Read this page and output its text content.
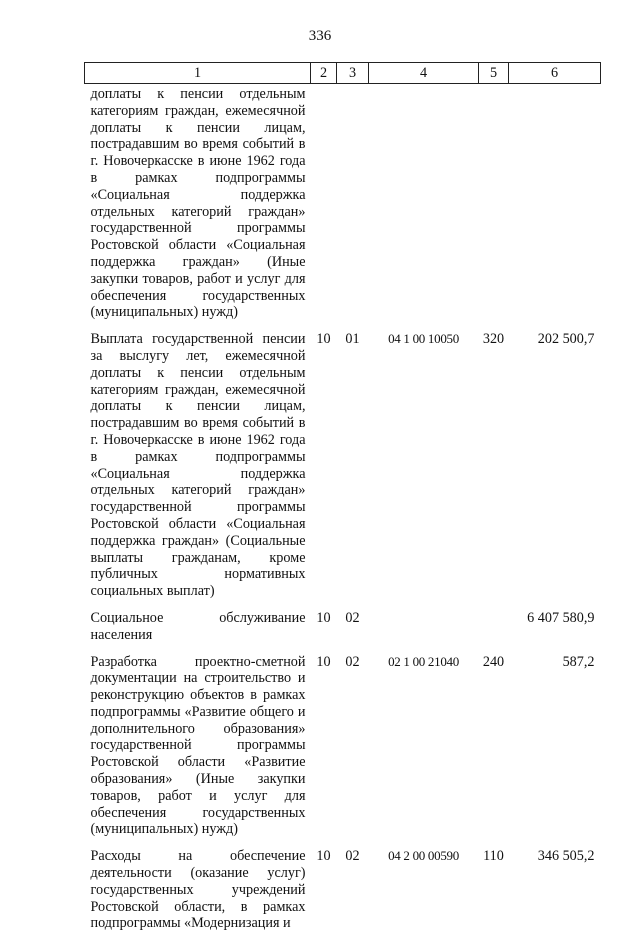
336
1	2	3	4	5	6
доплаты к пенсии отдельным категориям граждан, ежемесячной доплаты к пенсии лицам, пострадавшим во время событий в г. Новочеркасске в июне 1962 года в рамках подпрограммы «Социальная поддержка отдельных категорий граждан» государственной программы Ростовской области «Социальная поддержка граждан» (Иные закупки товаров, работ и услуг для обеспечения государственных (муниципальных) нужд)					
Выплата государственной пенсии за выслугу лет, ежемесячной доплаты к пенсии отдельным категориям граждан, ежемесячной доплаты к пенсии лицам, пострадавшим во время событий в г. Новочеркасске в июне 1962 года в рамках подпрограммы «Социальная поддержка отдельных категорий граждан» государственной программы Ростовской области «Социальная поддержка граждан» (Социальные выплаты гражданам, кроме публичных нормативных социальных выплат)	10	01	04 1 00 10050	320	202 500,7
Социальное обслуживание населения	10	02			6 407 580,9
Разработка проектно-сметной документации на строительство и реконструкцию объектов в рамках подпрограммы «Развитие общего и дополнительного образования» государственной программы Ростовской области «Развитие образования» (Иные закупки товаров, работ и услуг для обеспечения государственных (муниципальных) нужд)	10	02	02 1 00 21040	240	587,2
Расходы на обеспечение деятельности (оказание услуг) государственных учреждений Ростовской области, в рамках подпрограммы «Модернизация и	10	02	04 2 00 00590	110	346 505,2
